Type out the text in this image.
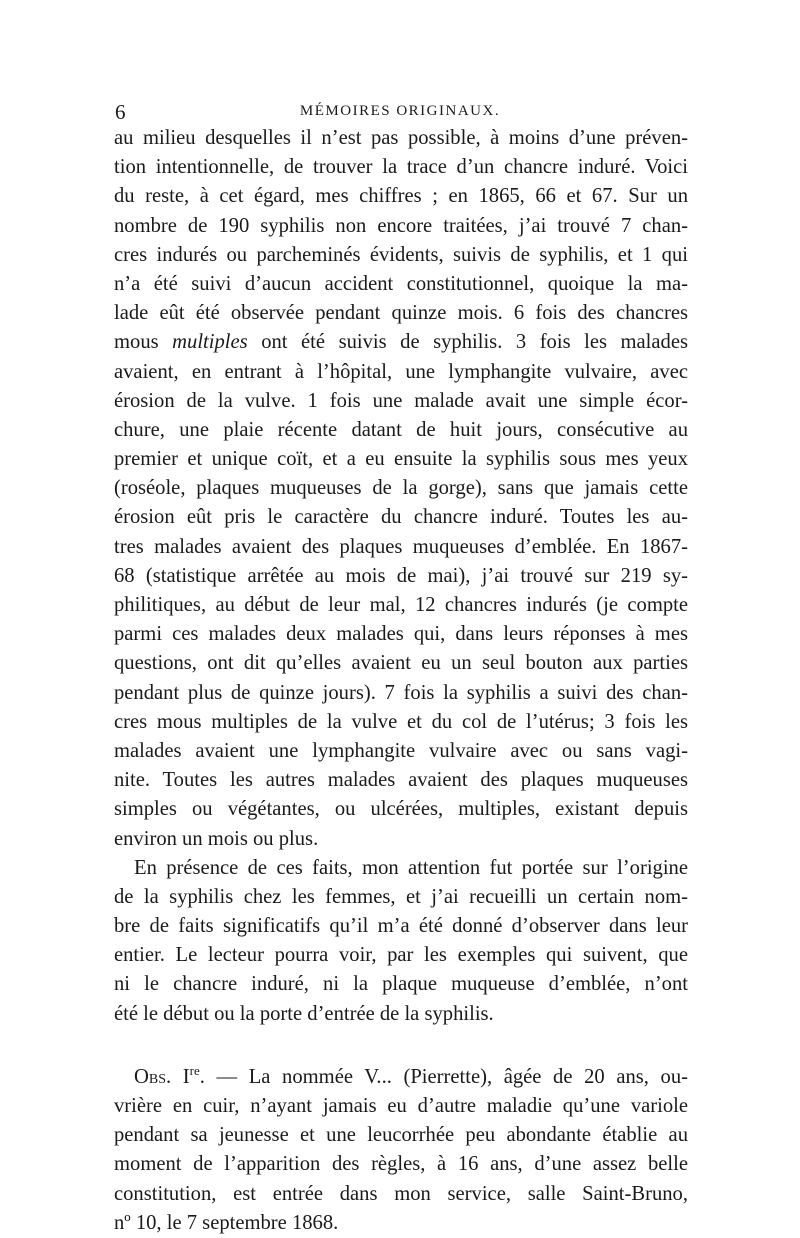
6	MÉMOIRES ORIGINAUX.
au milieu desquelles il n’est pas possible, à moins d’une préven-
tion intentionnelle, de trouver la trace d’un chancre induré. Voici
du reste, à cet égard, mes chiffres ; en 1865, 66 et 67. Sur un
nombre de 190 syphilis non encore traitées, j’ai trouvé 7 chan-
cres indurés ou parcheminés évidents, suivis de syphilis, et 1 qui
n’a été suivi d’aucun accident constitutionnel, quoique la ma-
lade eût été observée pendant quinze mois. 6 fois des chancres
mous multiples ont été suivis de syphilis. 3 fois les malades
avaient, en entrant à l’hôpital, une lymphangite vulvaire, avec
érosion de la vulve. 1 fois une malade avait une simple écor-
chure, une plaie récente datant de huit jours, consécutive au
premier et unique coït, et a eu ensuite la syphilis sous mes yeux
(roséole, plaques muqueuses de la gorge), sans que jamais cette
érosion eût pris le caractère du chancre induré. Toutes les au-
tres malades avaient des plaques muqueuses d’emblée. En 1867-
68 (statistique arrêtée au mois de mai), j’ai trouvé sur 219 sy-
philitiques, au début de leur mal, 12 chancres indurés (je compte
parmi ces malades deux malades qui, dans leurs réponses à mes
questions, ont dit qu’elles avaient eu un seul bouton aux parties
pendant plus de quinze jours). 7 fois la syphilis a suivi des chan-
cres mous multiples de la vulve et du col de l’utérus; 3 fois les
malades avaient une lymphangite vulvaire avec ou sans vagi-
nite. Toutes les autres malades avaient des plaques muqueuses
simples ou végétantes, ou ulcérées, multiples, existant depuis
environ un mois ou plus.
En présence de ces faits, mon attention fut portée sur l’origine
de la syphilis chez les femmes, et j’ai recueilli un certain nom-
bre de faits significatifs qu’il m’a été donné d’observer dans leur
entier. Le lecteur pourra voir, par les exemples qui suivent, que
ni le chancre induré, ni la plaque muqueuse d’emblée, n’ont
été le début ou la porte d’entrée de la syphilis.
Obs. Ire. — La nommée V... (Pierrette), âgée de 20 ans, ou-
vrière en cuir, n’ayant jamais eu d’autre maladie qu’une variole
pendant sa jeunesse et une leucorrhée peu abondante établie au
moment de l’apparition des règles, à 16 ans, d’une assez belle
constitution, est entrée dans mon service, salle Saint-Bruno,
nº 10, le 7 septembre 1868.
